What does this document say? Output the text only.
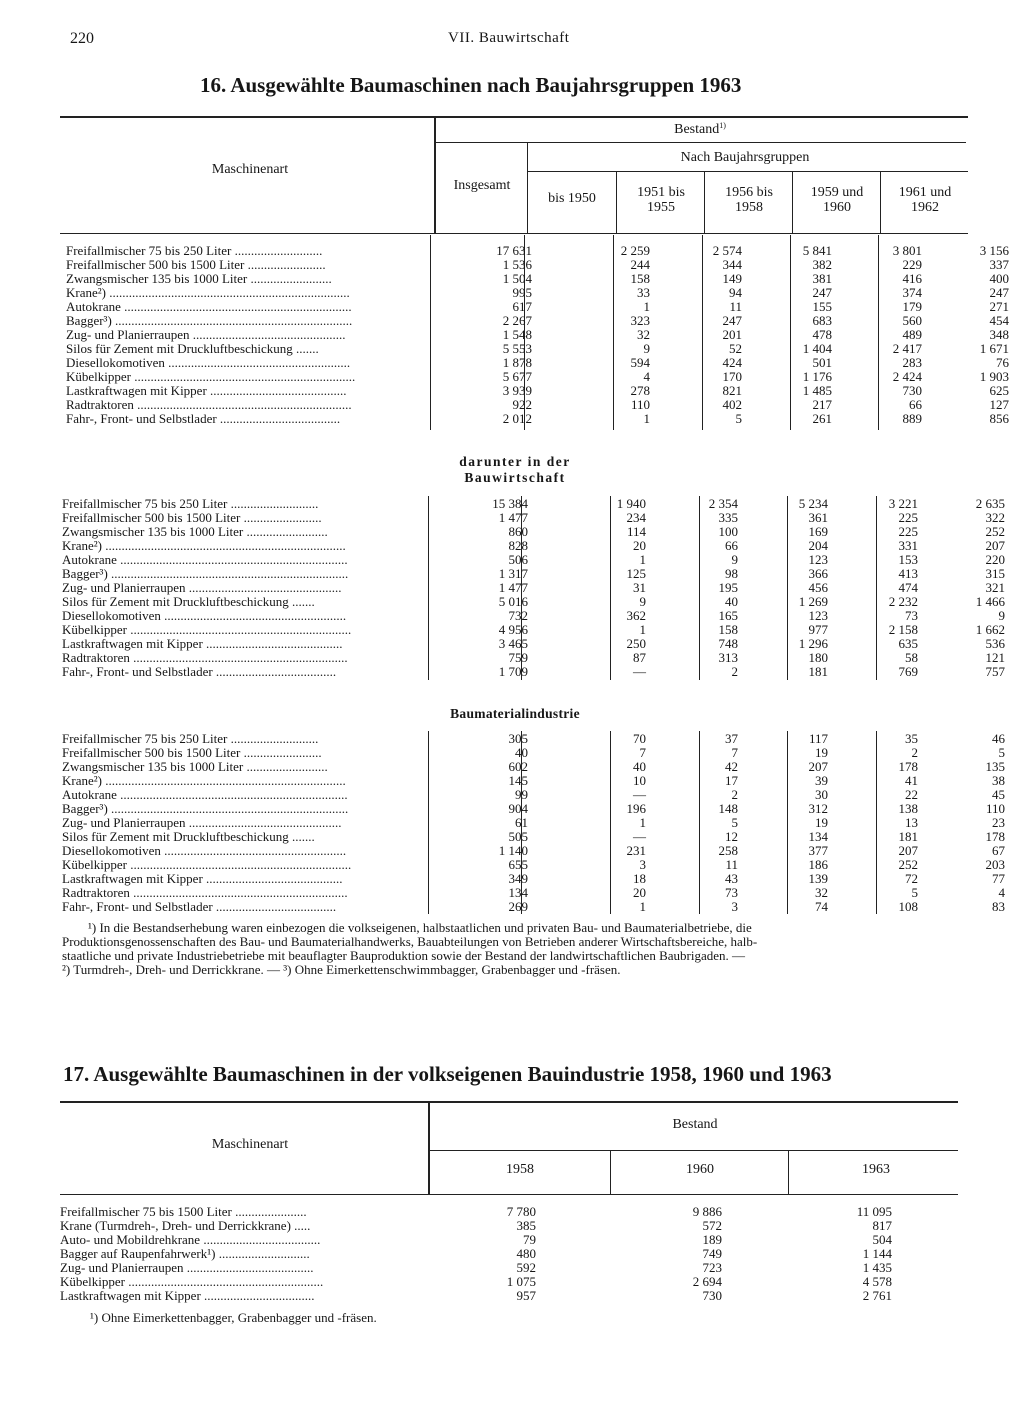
220	VII. Bauwirtschaft
16. Ausgewählte Baumaschinen nach Baujahrsgruppen 1963
Maschinenart
Bestand$^{1)}$
Nach Baujahrsgruppen
Insgesamt
bis 1950	1951 bis 1955
1956 bis 1958
1959 und 1960
1961 und 1962
Freifallmischer 75 bis 250 Liter ...........................	17 631	2 259	2 574	5 841	3 801	3 156
Freifallmischer 500 bis 1500 Liter ........................	1 536	244	344	382	229	337
Zwangsmischer 135 bis 1000 Liter .........................	1 504	158	149	381	416	400
Krane²) ..........................................................................	995	33	94	247	374	247
Autokrane ......................................................................	617	1	11	155	179	271
Bagger³) .........................................................................	2 267	323	247	683	560	454
Zug- und Planierraupen ...............................................	1 548	32	201	478	489	348
Silos für Zement mit Druckluftbeschickung .......	5 553	9	52	1 404	2 417	1 671
Diesellokomotiven ........................................................	1 878	594	424	501	283	76
Kübelkipper ....................................................................	5 677	4	170	1 176	2 424	1 903
Lastkraftwagen mit Kipper ..........................................	3 939	278	821	1 485	730	625
Radtraktoren ..................................................................	922	110	402	217	66	127
Fahr-, Front- und Selbstlader .....................................	2 012	1	5	261	889	856
darunter in der Bauwirtschaft
Freifallmischer 75 bis 250 Liter ...........................	15 384	1 940	2 354	5 234	3 221	2 635
Freifallmischer 500 bis 1500 Liter ........................	1 477	234	335	361	225	322
Zwangsmischer 135 bis 1000 Liter .........................	860	114	100	169	225	252
Krane²) ..........................................................................	828	20	66	204	331	207
Autokrane ......................................................................	506	1	9	123	153	220
Bagger³) .........................................................................	1 317	125	98	366	413	315
Zug- und Planierraupen ...............................................	1 477	31	195	456	474	321
Silos für Zement mit Druckluftbeschickung .......	5 016	9	40	1 269	2 232	1 466
Diesellokomotiven ........................................................	732	362	165	123	73	9
Kübelkipper ....................................................................	4 956	1	158	977	2 158	1 662
Lastkraftwagen mit Kipper ..........................................	3 465	250	748	1 296	635	536
Radtraktoren ..................................................................	759	87	313	180	58	121
Fahr-, Front- und Selbstlader .....................................	1 709	—	2	181	769	757
Baumaterialindustrie
Freifallmischer 75 bis 250 Liter ...........................	305	70	37	117	35	46
Freifallmischer 500 bis 1500 Liter ........................	40	7	7	19	2	5
Zwangsmischer 135 bis 1000 Liter .........................	602	40	42	207	178	135
Krane²) ..........................................................................	145	10	17	39	41	38
Autokrane ......................................................................	99	—	2	30	22	45
Bagger³) .........................................................................	904	196	148	312	138	110
Zug- und Planierraupen ...............................................	61	1	5	19	13	23
Silos für Zement mit Druckluftbeschickung .......	505	—	12	134	181	178
Diesellokomotiven ........................................................	1 140	231	258	377	207	67
Kübelkipper ....................................................................	655	3	11	186	252	203
Lastkraftwagen mit Kipper ..........................................	349	18	43	139	72	77
Radtraktoren ..................................................................	134	20	73	32	5	4
Fahr-, Front- und Selbstlader .....................................	269	1	3	74	108	83
¹) In die Bestandserhebung waren einbezogen die volkseigenen, halbstaatlichen und privaten Bau- und Baumaterialbetriebe, die
Produktionsgenossenschaften des Bau- und Baumaterialhandwerks, Bauabteilungen von Betrieben anderer Wirtschaftsbereiche, halb-
staatliche und private Industriebetriebe mit beauflagter Bauproduktion sowie der Bestand der landwirtschaftlichen Baubrigaden. —
²) Turmdreh-, Dreh- und Derrickkrane. — ³) Ohne Eimerkettenschwimmbagger, Grabenbagger und -fräsen.
17. Ausgewählte Baumaschinen in der volkseigenen Bauindustrie 1958, 1960 und 1963
Maschinenart
Bestand
1958	1960	1963
Freifallmischer 75 bis 1500 Liter ......................	7 780	9 886	11 095
Krane (Turmdreh-, Dreh- und Derrickkrane) .....	385	572	817
Auto- und Mobildrehkrane ....................................	79	189	504
Bagger auf Raupenfahrwerk¹) ............................	480	749	1 144
Zug- und Planierraupen .......................................	592	723	1 435
Kübelkipper ............................................................	1 075	2 694	4 578
Lastkraftwagen mit Kipper ..................................	957	730	2 761
¹) Ohne Eimerkettenbagger, Grabenbagger und -fräsen.
